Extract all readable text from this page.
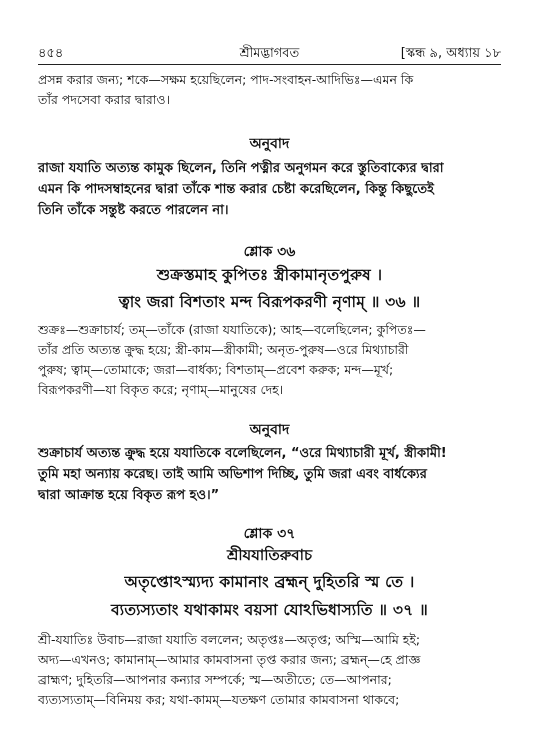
৪৫৪	শ্রীমদ্ভাগবত	[স্কন্ধ ৯, অধ্যায় ১৮
প্রসন্ন করার জন্য; শকে—সক্ষম হয়েছিলেন; পাদ-সংবাহন-আদিভিঃ—এমন কি
তাঁর পদসেবা করার দ্বারাও।
অনুবাদ
রাজা যযাতি অত্যন্ত কামুক ছিলেন, তিনি পত্নীর অনুগমন করে স্তুতিবাক্যের দ্বারা
এমন কি পাদসম্বাহনের দ্বারা তাঁকে শান্ত করার চেষ্টা করেছিলেন, কিন্তু কিছুতেই
তিনি তাঁকে সন্তুষ্ট করতে পারলেন না।
শ্লোক ৩৬
শুক্রস্তমাহ কুপিতঃ স্ত্রীকামানৃতপুরুষ ।
ত্বাং জরা বিশতাং মন্দ বিরূপকরণী নৃণাম্‌ ॥ ৩৬ ॥
শুক্রঃ—শুক্রাচার্য; তম্‌—তাঁকে (রাজা যযাতিকে); আহ—বলেছিলেন; কুপিতঃ—
তাঁর প্রতি অত্যন্ত ক্রুদ্ধ হয়ে; স্ত্রী-কাম—স্ত্রীকামী; অনৃত-পুরুষ—ওরে মিথ্যাচারী
পুরুষ; ত্বাম্‌—তোমাকে; জরা—বার্ধক্য; বিশতাম্‌—প্রবেশ করুক; মন্দ—মূর্খ;
বিরূপকরণী—যা বিকৃত করে; নৃণাম্‌—মানুষের দেহ।
অনুবাদ
শুক্রাচার্য অত্যন্ত ক্রুদ্ধ হয়ে যযাতিকে বলেছিলেন, “ওরে মিথ্যাচারী মূর্খ, স্ত্রীকামী!
তুমি মহা অন্যায় করেছ। তাই আমি অভিশাপ দিচ্ছি, তুমি জরা এবং বার্ধক্যের
দ্বারা আক্রান্ত হয়ে বিকৃত রূপ হও।”
শ্লোক ৩৭
শ্রীযযাতিরুবাচ
অতৃপ্তোঽস্ম্যদ্য কামানাং ব্রহ্মন্‌ দুহিতরি স্ম তে ।
ব্যত্যস্যতাং যথাকামং বয়সা যোঽভিধাস্যতি ॥ ৩৭ ॥
শ্রী-যযাতিঃ উবাচ—রাজা যযাতি বললেন; অতৃপ্তঃ—অতৃপ্ত; অস্মি—আমি হই;
অদ্য—এখনও; কামানাম্‌—আমার কামবাসনা তৃপ্ত করার জন্য; ব্রহ্মন্‌—হে প্রাজ্ঞ
ব্রাহ্মণ; দুহিতরি—আপনার কন্যার সম্পর্কে; স্ম—অতীতে; তে—আপনার;
ব্যত্যস্যতাম্‌—বিনিময় কর; যথা-কামম্‌—যতক্ষণ তোমার কামবাসনা থাকবে;
